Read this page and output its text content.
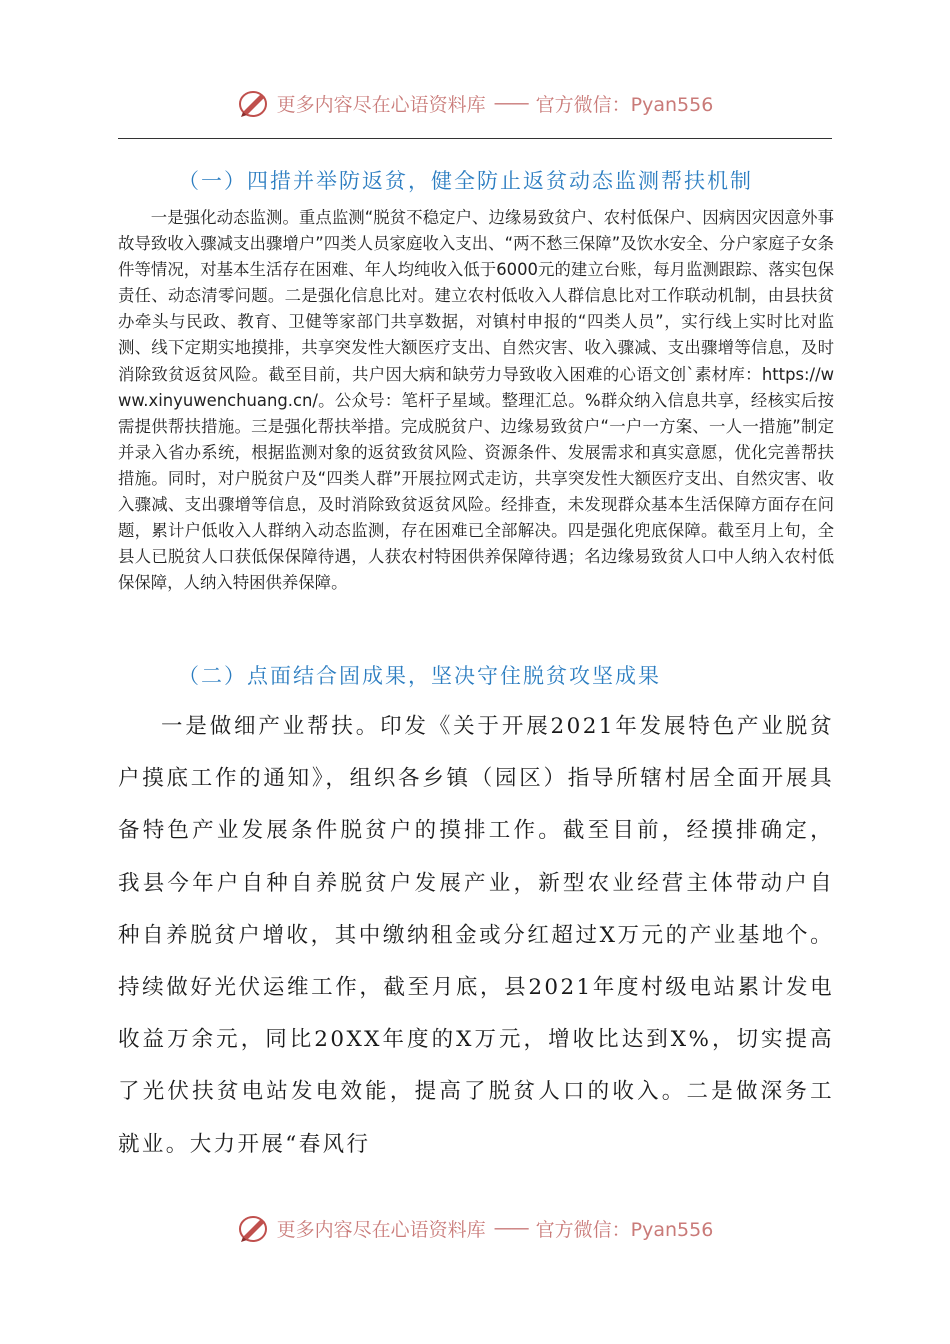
更多内容尽在心语资料库 —— 官方微信：Pyan556
（一）四措并举防返贫，健全防止返贫动态监测帮扶机制
一是强化动态监测。重点监测“脱贫不稳定户、边缘易致贫户、农村低保户、因病因灾因意外事故导致收入骤减支出骤增户”四类人员家庭收入支出、“两不愁三保障”及饮水安全、分户家庭子女条件等情况，对基本生活存在困难、年人均纯收入低于6000元的建立台账，每月监测跟踪、落实包保责任、动态清零问题。二是强化信息比对。建立农村低收入人群信息比对工作联动机制，由县扶贫办牵头与民政、教育、卫健等家部门共享数据，对镇村申报的“四类人员”，实行线上实时比对监测、线下定期实地摸排，共享突发性大额医疗支出、自然灾害、收入骤减、支出骤增等信息，及时消除致贫返贫风险。截至目前，共户因大病和缺劳力导致收入困难的心语文创`素材库：https://www.xinyuwenchuang.cn/。公众号：笔杆子星域。整理汇总。%群众纳入信息共享，经核实后按需提供帮扶措施。三是强化帮扶举措。完成脱贫户、边缘易致贫户“一户一方案、一人一措施”制定并录入省办系统，根据监测对象的返贫致贫风险、资源条件、发展需求和真实意愿，优化完善帮扶措施。同时，对户脱贫户及“四类人群”开展拉网式走访，共享突发性大额医疗支出、自然灾害、收入骤减、支出骤增等信息，及时消除致贫返贫风险。经排查，未发现群众基本生活保障方面存在问题，累计户低收入人群纳入动态监测，存在困难已全部解决。四是强化兜底保障。截至月上旬，全县人已脱贫人口获低保保障待遇，人获农村特困供养保障待遇；名边缘易致贫人口中人纳入农村低保保障，人纳入特困供养保障。
（二）点面结合固成果，坚决守住脱贫攻坚成果
一是做细产业帮扶。印发《关于开展2021年发展特色产业脱贫户摸底工作的通知》，组织各乡镇（园区）指导所辖村居全面开展具备特色产业发展条件脱贫户的摸排工作。截至目前，经摸排确定，我县今年户自种自养脱贫户发展产业，新型农业经营主体带动户自种自养脱贫户增收，其中缴纳租金或分红超过X万元的产业基地个。持续做好光伏运维工作，截至月底，县2021年度村级电站累计发电收益万余元，同比20XX年度的X万元，增收比达到X%，切实提高了光伏扶贫电站发电效能，提高了脱贫人口的收入。二是做深务工就业。大力开展“春风行
更多内容尽在心语资料库 —— 官方微信：Pyan556
